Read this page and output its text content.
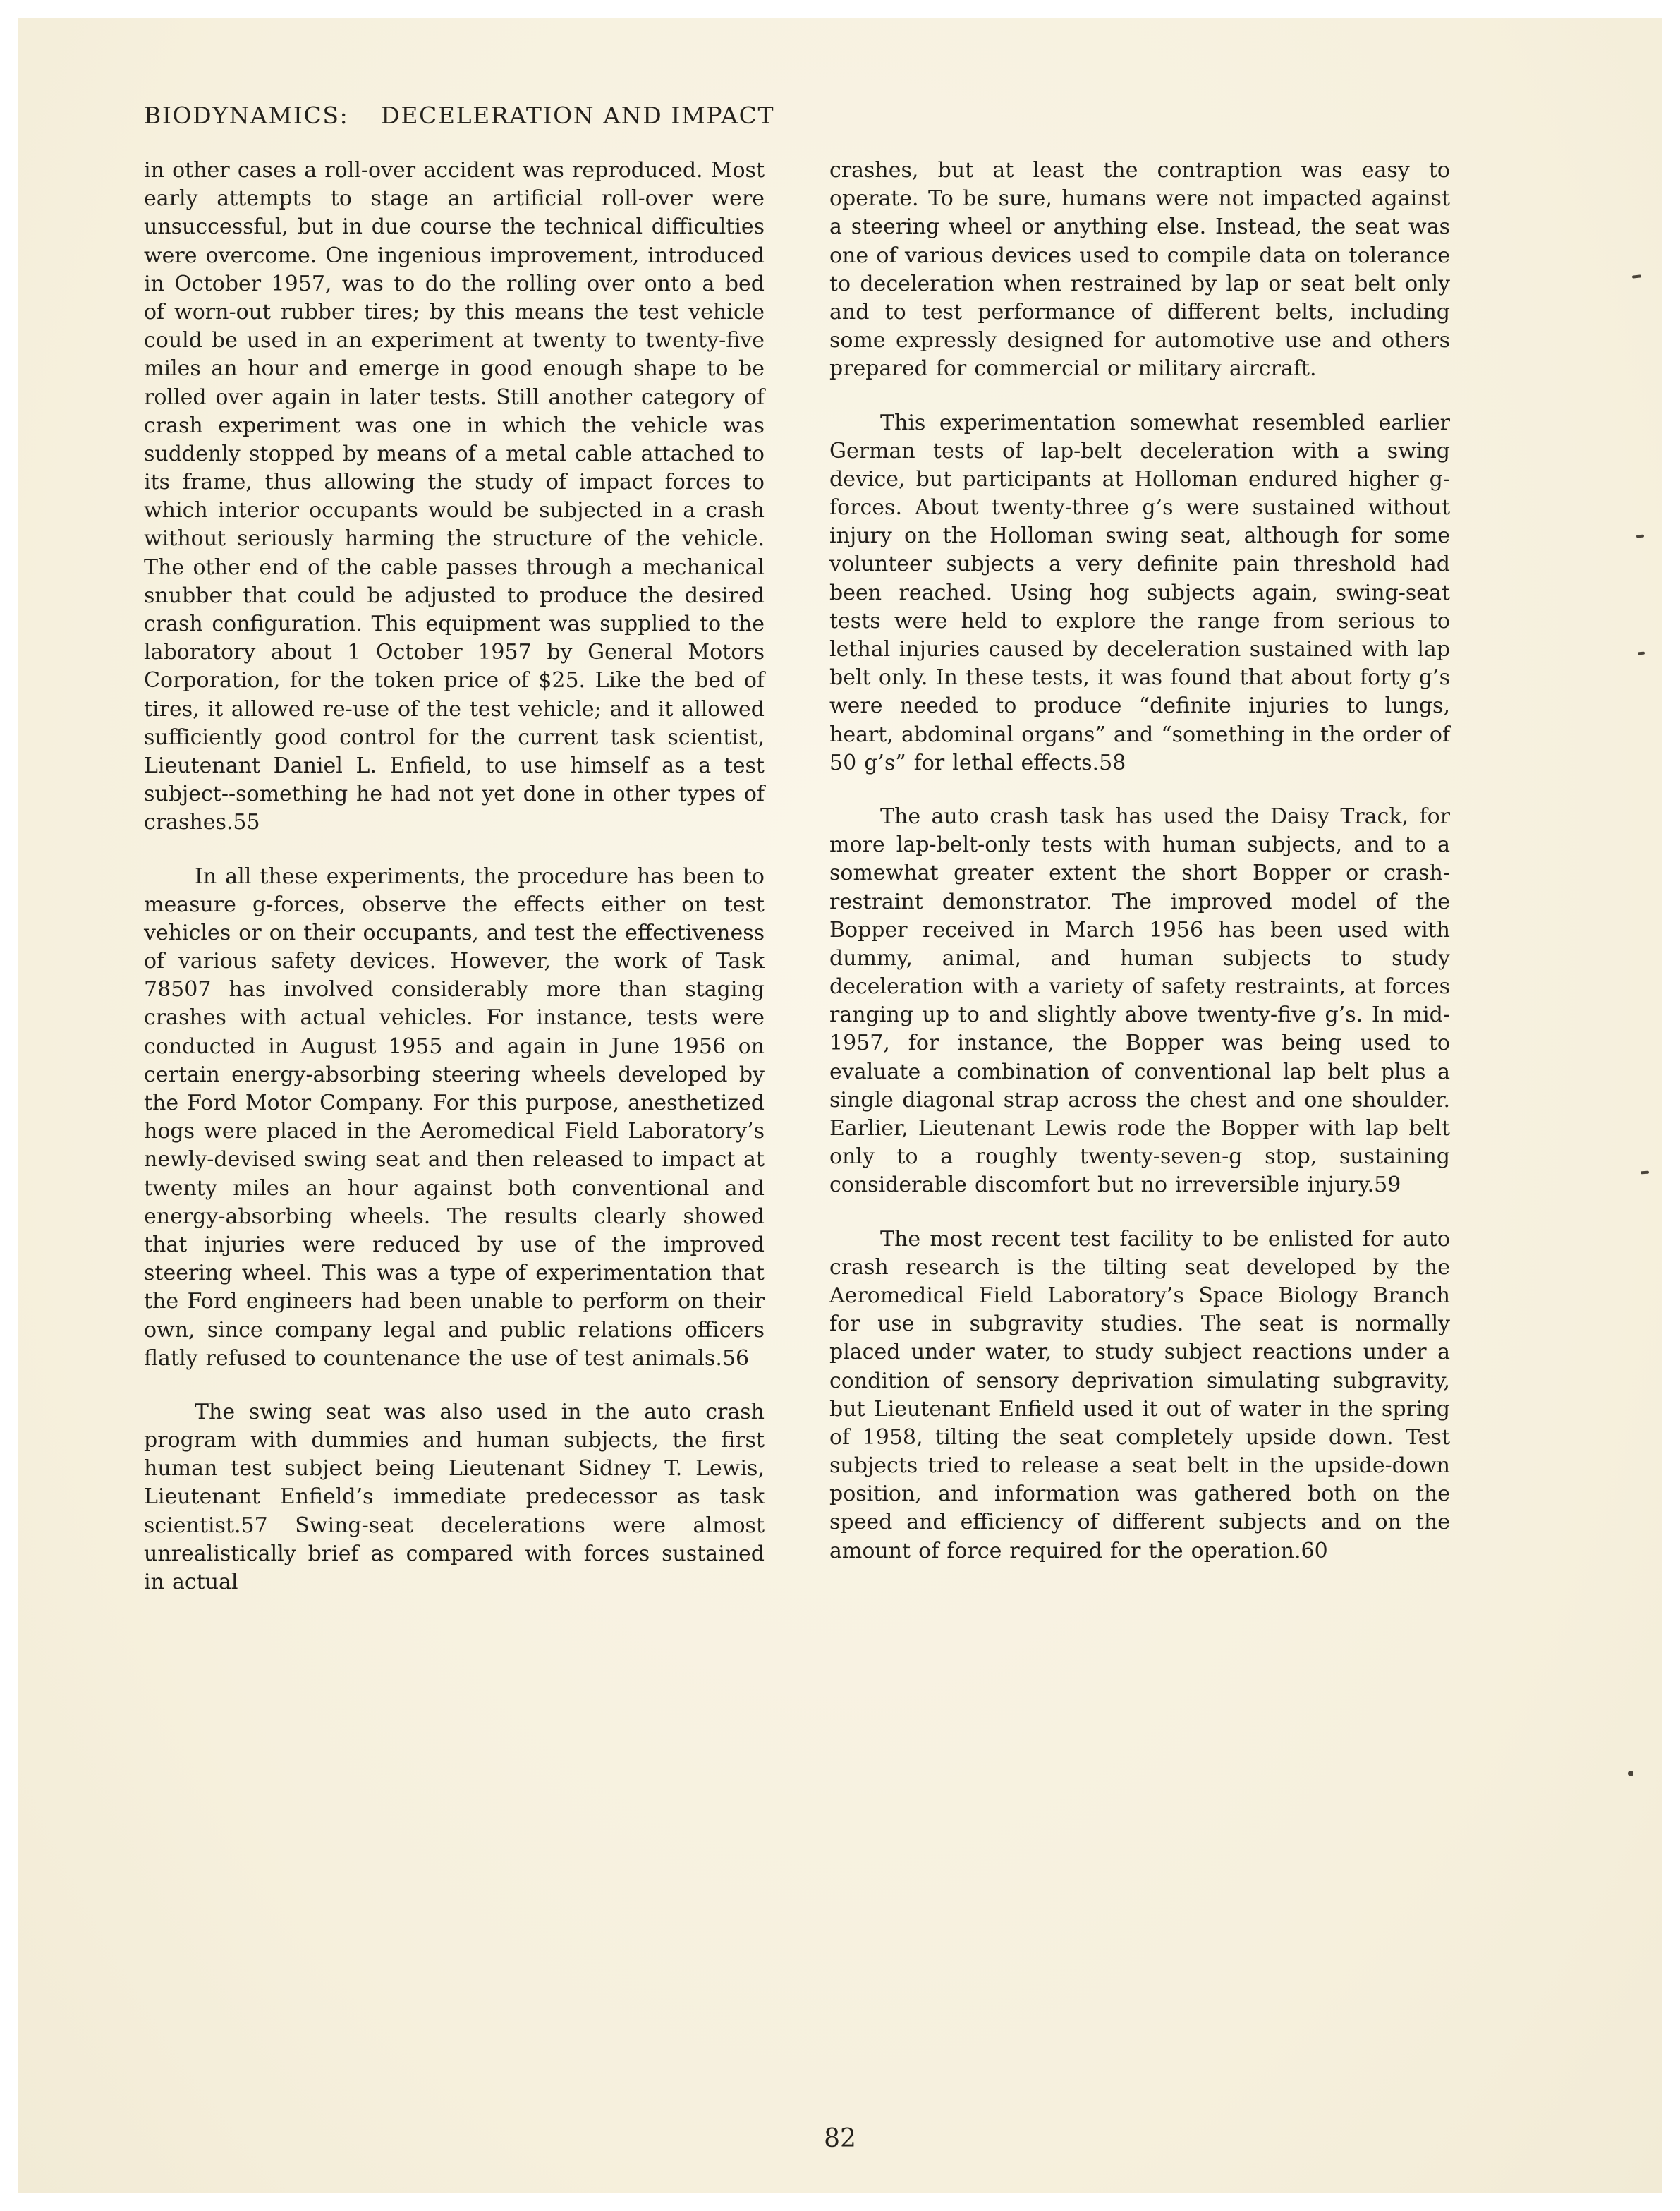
BIODYNAMICS: DECELERATION AND IMPACT

in other cases a roll-over accident was reproduced. Most early attempts to stage an artificial roll-over were unsuccessful, but in due course the technical difficulties were overcome. One ingenious improvement, introduced in October 1957, was to do the rolling over onto a bed of worn-out rubber tires; by this means the test vehicle could be used in an experiment at twenty to twenty-five miles an hour and emerge in good enough shape to be rolled over again in later tests. Still another category of crash experiment was one in which the vehicle was suddenly stopped by means of a metal cable attached to its frame, thus allowing the study of impact forces to which interior occupants would be subjected in a crash without seriously harming the structure of the vehicle. The other end of the cable passes through a mechanical snubber that could be adjusted to produce the desired crash configuration. This equipment was supplied to the laboratory about 1 October 1957 by General Motors Corporation, for the token price of $25. Like the bed of tires, it allowed re-use of the test vehicle; and it allowed sufficiently good control for the current task scientist, Lieutenant Daniel L. Enfield, to use himself as a test subject--something he had not yet done in other types of crashes.55

In all these experiments, the procedure has been to measure g-forces, observe the effects either on test vehicles or on their occupants, and test the effectiveness of various safety devices. However, the work of Task 78507 has involved considerably more than staging crashes with actual vehicles. For instance, tests were conducted in August 1955 and again in June 1956 on certain energy-absorbing steering wheels developed by the Ford Motor Company. For this purpose, anesthetized hogs were placed in the Aeromedical Field Laboratory’s newly-devised swing seat and then released to impact at twenty miles an hour against both conventional and energy-absorbing wheels. The results clearly showed that injuries were reduced by use of the improved steering wheel. This was a type of experimentation that the Ford engineers had been unable to perform on their own, since company legal and public relations officers flatly refused to countenance the use of test animals.56

The swing seat was also used in the auto crash program with dummies and human subjects, the first human test subject being Lieutenant Sidney T. Lewis, Lieutenant Enfield’s immediate predecessor as task scientist.57 Swing-seat decelerations were almost unrealistically brief as compared with forces sustained in actual

crashes, but at least the contraption was easy to operate. To be sure, humans were not impacted against a steering wheel or anything else. Instead, the seat was one of various devices used to compile data on tolerance to deceleration when restrained by lap or seat belt only and to test performance of different belts, including some expressly designed for automotive use and others prepared for commercial or military aircraft.

This experimentation somewhat resembled earlier German tests of lap-belt deceleration with a swing device, but participants at Holloman endured higher g-forces. About twenty-three g’s were sustained without injury on the Holloman swing seat, although for some volunteer subjects a very definite pain threshold had been reached. Using hog subjects again, swing-seat tests were held to explore the range from serious to lethal injuries caused by deceleration sustained with lap belt only. In these tests, it was found that about forty g’s were needed to produce “definite injuries to lungs, heart, abdominal organs” and “something in the order of 50 g’s” for lethal effects.58

The auto crash task has used the Daisy Track, for more lap-belt-only tests with human subjects, and to a somewhat greater extent the short Bopper or crash-restraint demonstrator. The improved model of the Bopper received in March 1956 has been used with dummy, animal, and human subjects to study deceleration with a variety of safety restraints, at forces ranging up to and slightly above twenty-five g’s. In mid-1957, for instance, the Bopper was being used to evaluate a combination of conventional lap belt plus a single diagonal strap across the chest and one shoulder. Earlier, Lieutenant Lewis rode the Bopper with lap belt only to a roughly twenty-seven-g stop, sustaining considerable discomfort but no irreversible injury.59

The most recent test facility to be enlisted for auto crash research is the tilting seat developed by the Aeromedical Field Laboratory’s Space Biology Branch for use in subgravity studies. The seat is normally placed under water, to study subject reactions under a condition of sensory deprivation simulating subgravity, but Lieutenant Enfield used it out of water in the spring of 1958, tilting the seat completely upside down. Test subjects tried to release a seat belt in the upside-down position, and information was gathered both on the speed and efficiency of different subjects and on the amount of force required for the operation.60

82
